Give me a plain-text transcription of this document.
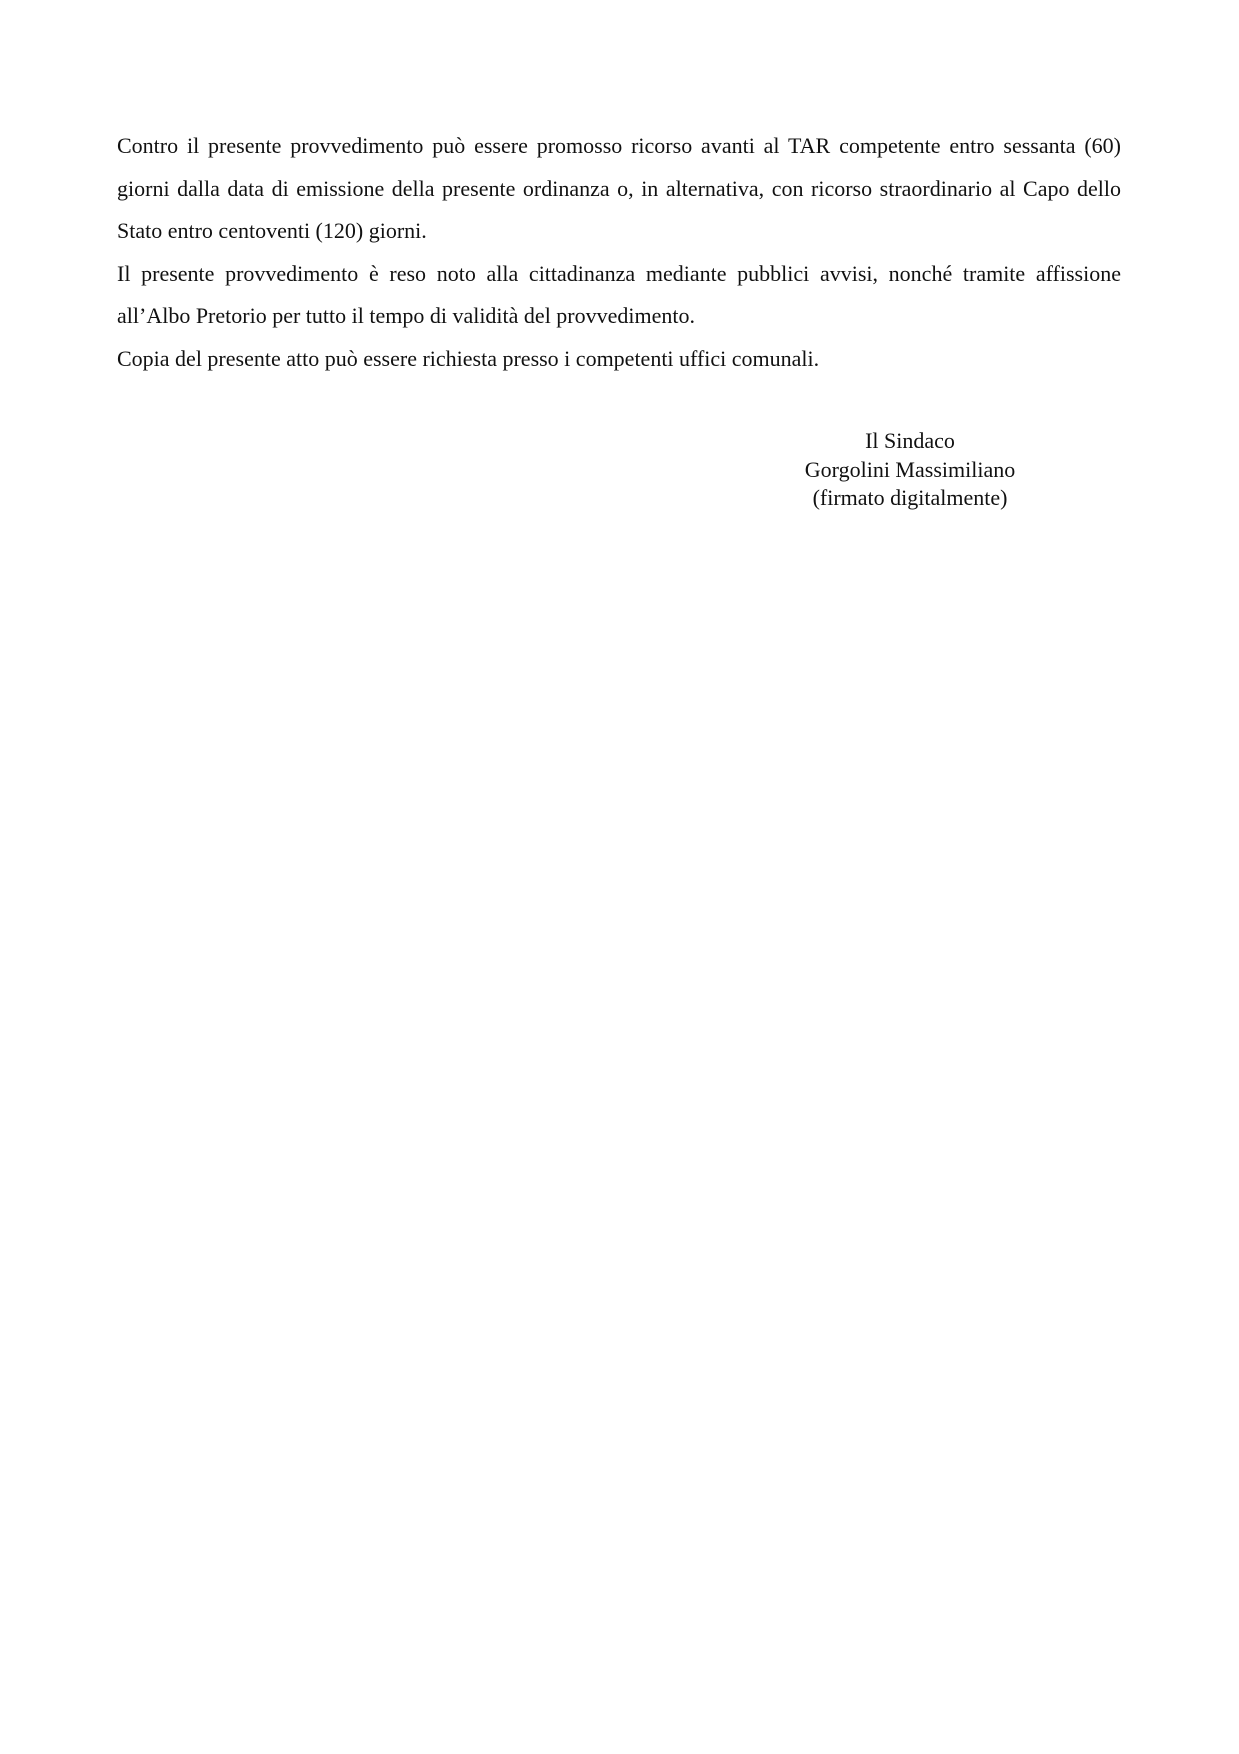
Contro il presente provvedimento può essere promosso ricorso avanti al TAR competente entro sessanta (60) giorni dalla data di emissione della presente ordinanza o, in alternativa, con ricorso straordinario al Capo dello Stato entro centoventi (120) giorni.

Il presente provvedimento è reso noto alla cittadinanza mediante pubblici avvisi, nonché tramite affissione all’Albo Pretorio per tutto il tempo di validità del provvedimento.

Copia del presente atto può essere richiesta presso i competenti uffici comunali.

Il Sindaco
Gorgolini Massimiliano
(firmato digitalmente)
